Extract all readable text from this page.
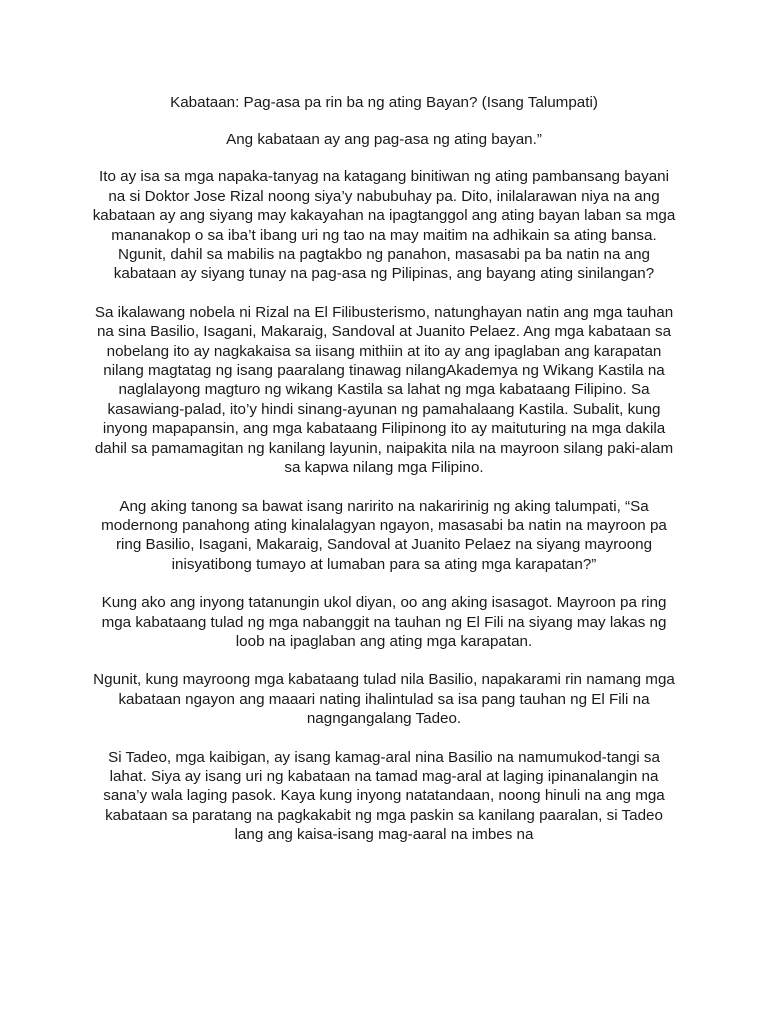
Kabataan: Pag-asa pa rin ba ng ating Bayan? (Isang Talumpati)
Ang kabataan ay ang pag-asa ng ating bayan.”
Ito ay isa sa mga napaka-tanyag na katagang binitiwan ng ating pambansang bayani na si Doktor Jose Rizal noong siya’y nabubuhay pa. Dito, inilalarawan niya na ang kabataan ay ang siyang may kakayahan na ipagtanggol ang ating bayan laban sa mga mananakop o sa iba’t ibang uri ng tao na may maitim na adhikain sa ating bansa. Ngunit, dahil sa mabilis na pagtakbo ng panahon, masasabi pa ba natin na ang kabataan ay siyang tunay na pag-asa ng Pilipinas, ang bayang ating sinilangan?
Sa ikalawang nobela ni Rizal na El Filibusterismo, natunghayan natin ang mga tauhan na sina Basilio, Isagani, Makaraig, Sandoval at Juanito Pelaez. Ang mga kabataan sa nobelang ito ay nagkakaisa sa iisang mithiin at ito ay ang ipaglaban ang karapatan nilang magtatag ng isang paaralang tinawag nilangAkademya ng Wikang Kastila na naglalayong magturo ng wikang Kastila sa lahat ng mga kabataang Filipino. Sa kasawiang-palad, ito’y hindi sinang-ayunan ng pamahalaang Kastila. Subalit, kung inyong mapapansin, ang mga kabataang Filipinong ito ay maituturing na mga dakila dahil sa pamamagitan ng kanilang layunin, naipakita nila na mayroon silang paki-alam sa kapwa nilang mga Filipino.
Ang aking tanong sa bawat isang naririto na nakaririnig ng aking talumpati, “Sa modernong panahong ating kinalalagyan ngayon, masasabi ba natin na mayroon pa ring Basilio, Isagani, Makaraig, Sandoval at Juanito Pelaez na siyang mayroong inisyatibong tumayo at lumaban para sa ating mga karapatan?”
Kung ako ang inyong tatanungin ukol diyan, oo ang aking isasagot. Mayroon pa ring mga kabataang tulad ng mga nabanggit na tauhan ng El Fili na siyang may lakas ng loob na ipaglaban ang ating mga karapatan.
Ngunit, kung mayroong mga kabataang tulad nila Basilio, napakarami rin namang mga kabataan ngayon ang maaari nating ihalintulad sa isa pang tauhan ng El Fili na nagngangalang Tadeo.
Si Tadeo, mga kaibigan, ay isang kamag-aral nina Basilio na namumukod-tangi sa lahat. Siya ay isang uri ng kabataan na tamad mag-aral at laging ipinanalangin na sana’y wala laging pasok. Kaya kung inyong natatandaan, noong hinuli na ang mga kabataan sa paratang na pagkakabit ng mga paskin sa kanilang paaralan, si Tadeo lang ang kaisa-isang mag-aaral na imbes na
